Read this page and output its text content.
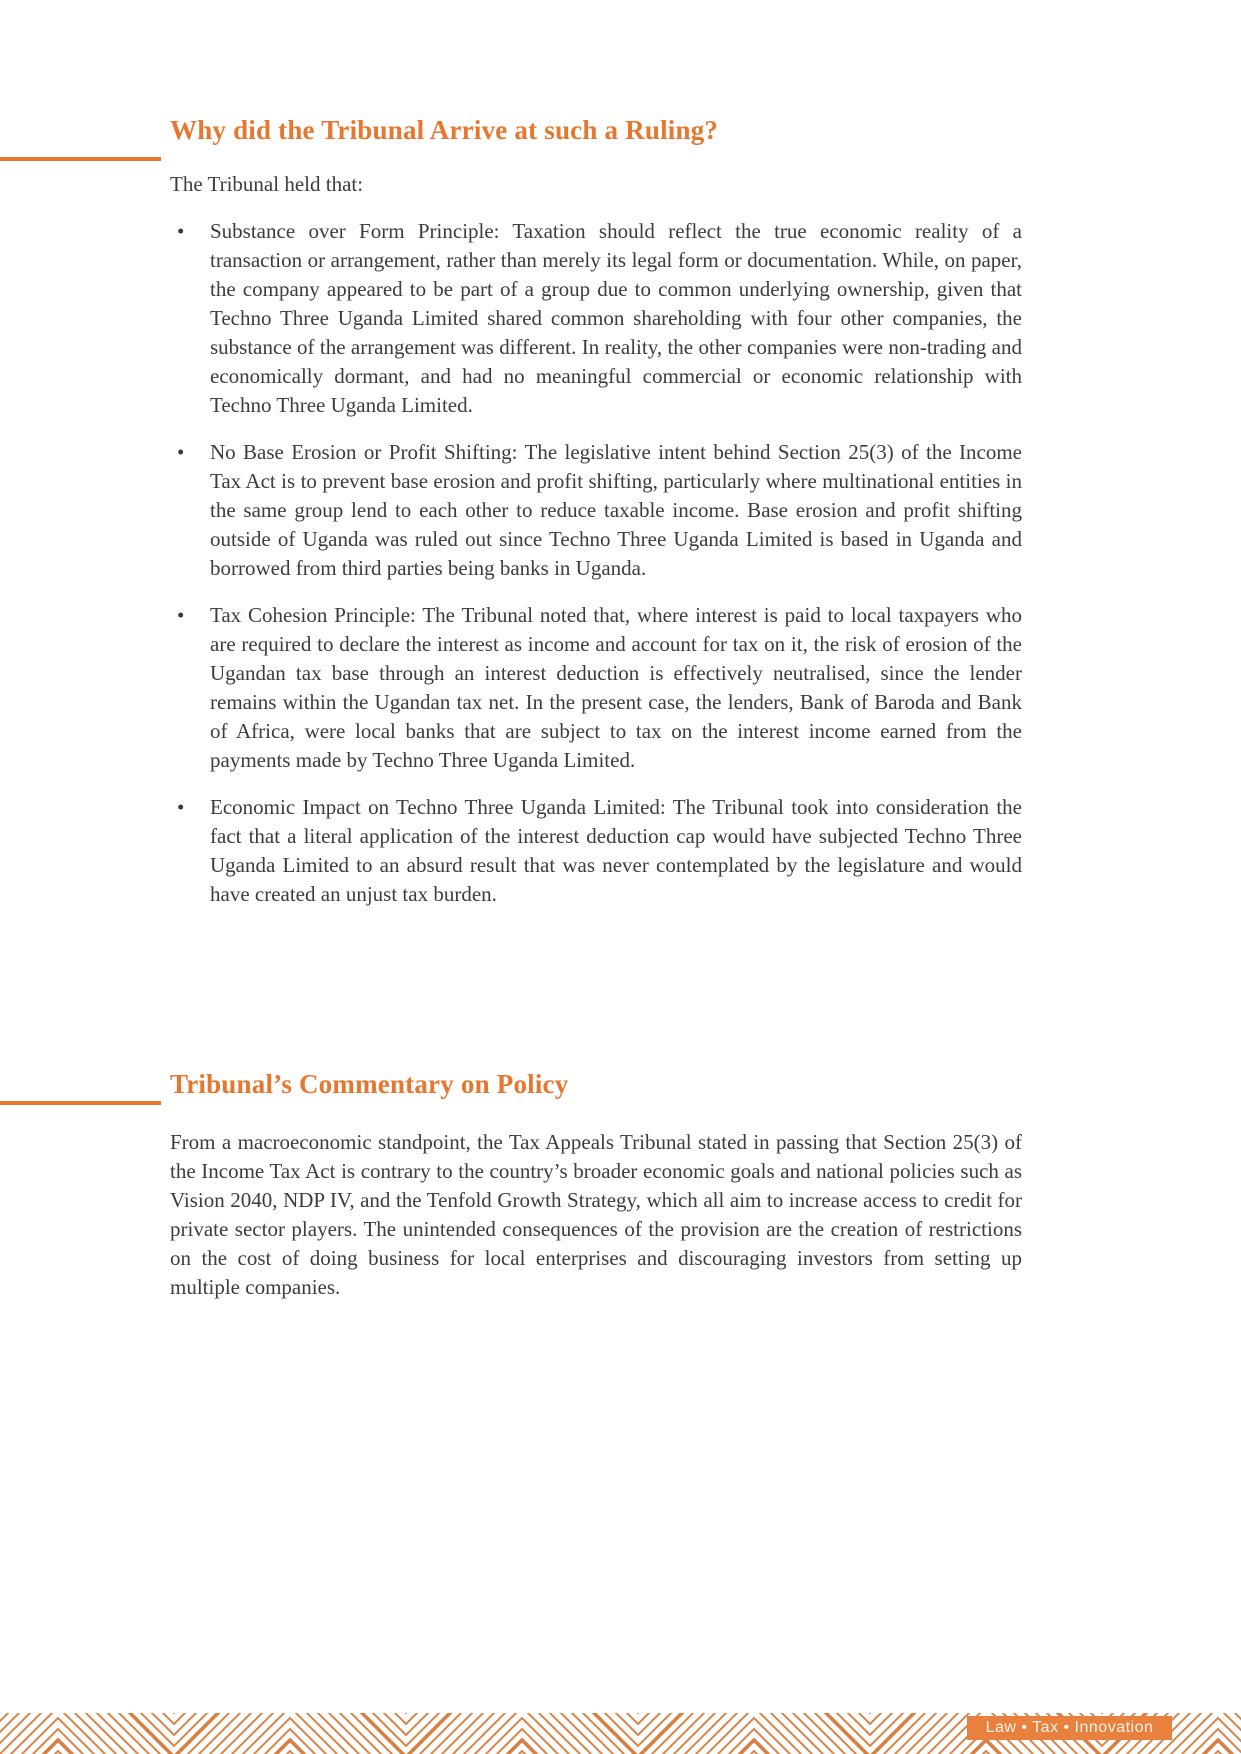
Why did the Tribunal Arrive at such a Ruling?

The Tribunal held that:

• Substance over Form Principle: Taxation should reflect the true economic reality of a transaction or arrangement, rather than merely its legal form or documentation. While, on paper, the company appeared to be part of a group due to common underlying ownership, given that Techno Three Uganda Limited shared common shareholding with four other companies, the substance of the arrangement was different. In reality, the other companies were non-trading and economically dormant, and had no meaningful commercial or economic relationship with Techno Three Uganda Limited.
• No Base Erosion or Profit Shifting: The legislative intent behind Section 25(3) of the Income Tax Act is to prevent base erosion and profit shifting, particularly where multinational entities in the same group lend to each other to reduce taxable income. Base erosion and profit shifting outside of Uganda was ruled out since Techno Three Uganda Limited is based in Uganda and borrowed from third parties being banks in Uganda.
• Tax Cohesion Principle: The Tribunal noted that, where interest is paid to local taxpayers who are required to declare the interest as income and account for tax on it, the risk of erosion of the Ugandan tax base through an interest deduction is effectively neutralised, since the lender remains within the Ugandan tax net. In the present case, the lenders, Bank of Baroda and Bank of Africa, were local banks that are subject to tax on the interest income earned from the payments made by Techno Three Uganda Limited.
• Economic Impact on Techno Three Uganda Limited: The Tribunal took into consideration the fact that a literal application of the interest deduction cap would have subjected Techno Three Uganda Limited to an absurd result that was never contemplated by the legislature and would have created an unjust tax burden.
Tribunal’s Commentary on Policy

From a macroeconomic standpoint, the Tax Appeals Tribunal stated in passing that Section 25(3) of the Income Tax Act is contrary to the country’s broader economic goals and national policies such as Vision 2040, NDP IV, and the Tenfold Growth Strategy, which all aim to increase access to credit for private sector players. The unintended consequences of the provision are the creation of restrictions on the cost of doing business for local enterprises and discouraging investors from setting up multiple companies.

Law • Tax • Innovation
